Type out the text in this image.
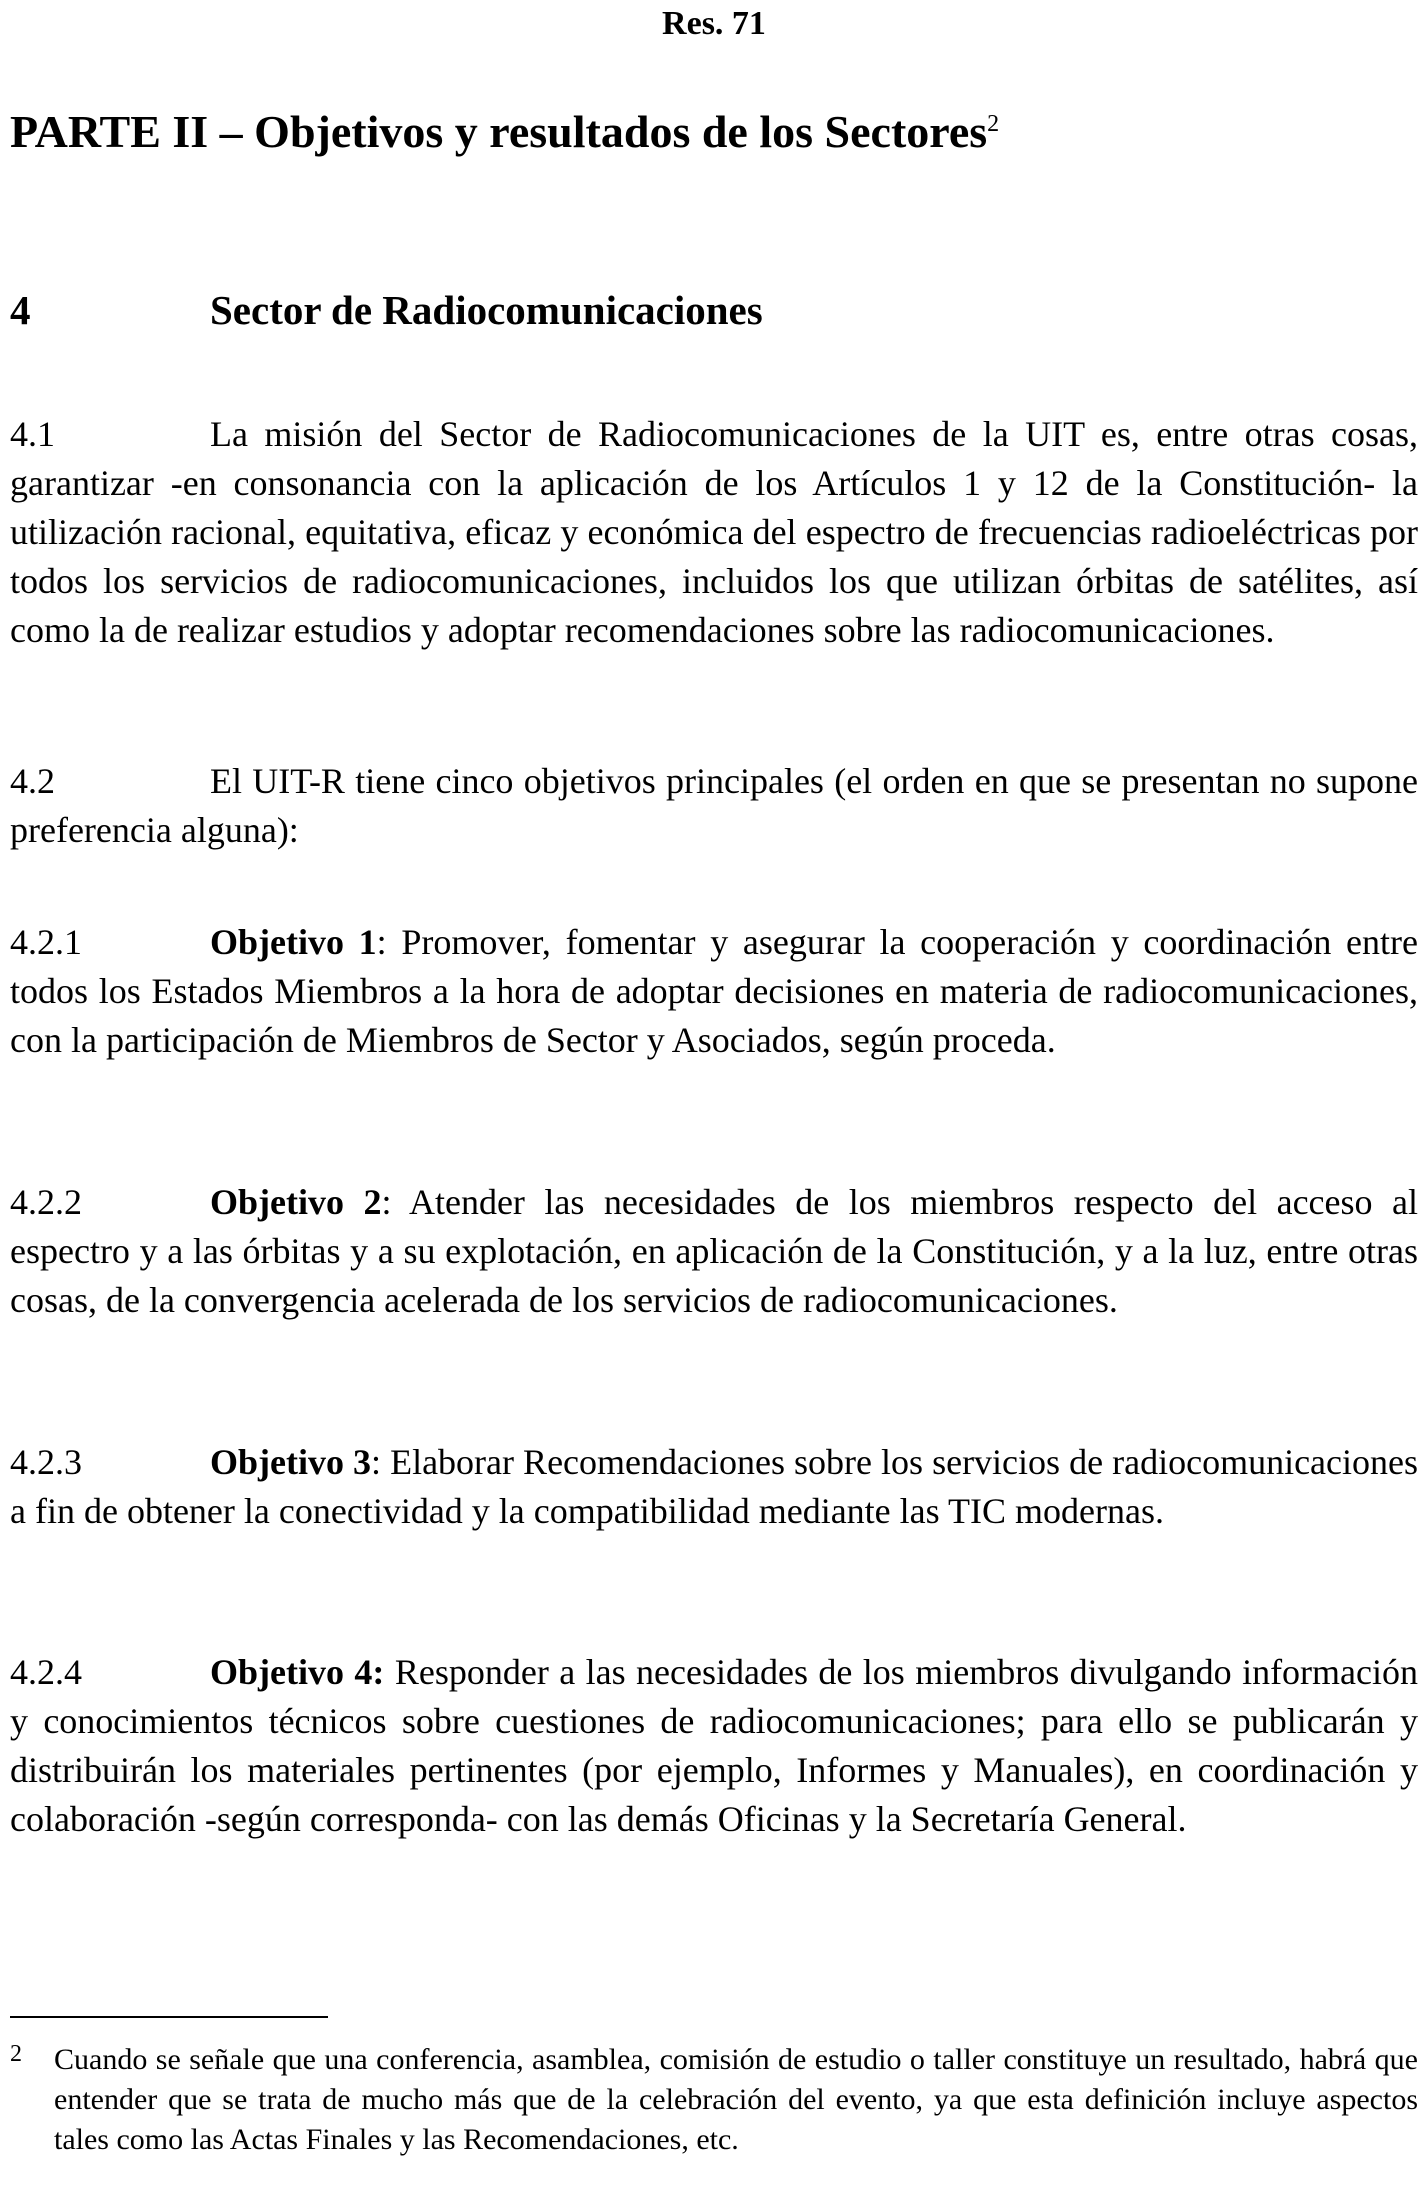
Res. 71
PARTE II – Objetivos y resultados de los Sectores$^2$
4	Sector de Radiocomunicaciones
4.1	La misión del Sector de Radiocomunicaciones de la UIT es, entre otras cosas, garantizar -en consonancia con la aplicación de los Artículos 1 y 12 de la Constitución- la utilización racional, equitativa, eficaz y económica del espectro de frecuencias radioeléctricas por todos los servicios de radiocomunicaciones, incluidos los que utilizan órbitas de satélites, así como la de realizar estudios y adoptar recomendaciones sobre las radiocomunicaciones.
4.2	El UIT-R tiene cinco objetivos principales (el orden en que se presentan no supone preferencia alguna):
4.2.1	Objetivo 1: Promover, fomentar y asegurar la cooperación y coordinación entre todos los Estados Miembros a la hora de adoptar decisiones en materia de radiocomunicaciones, con la participación de Miembros de Sector y Asociados, según proceda.
4.2.2	Objetivo 2: Atender las necesidades de los miembros respecto del acceso al espectro y a las órbitas y a su explotación, en aplicación de la Constitución, y a la luz, entre otras cosas, de la convergencia acelerada de los servicios de radiocomunicaciones.
4.2.3	Objetivo 3: Elaborar Recomendaciones sobre los servicios de radiocomunicaciones a fin de obtener la conectividad y la compatibilidad mediante las TIC modernas.
4.2.4	Objetivo 4: Responder a las necesidades de los miembros divulgando información y conocimientos técnicos sobre cuestiones de radiocomunicaciones; para ello se publicarán y distribuirán los materiales pertinentes (por ejemplo, Informes y Manuales), en coordinación y colaboración -según corresponda- con las demás Oficinas y la Secretaría General.
2	Cuando se señale que una conferencia, asamblea, comisión de estudio o taller constituye un resultado, habrá que entender que se trata de mucho más que de la celebración del evento, ya que esta definición incluye aspectos tales como las Actas Finales y las Recomendaciones, etc.
